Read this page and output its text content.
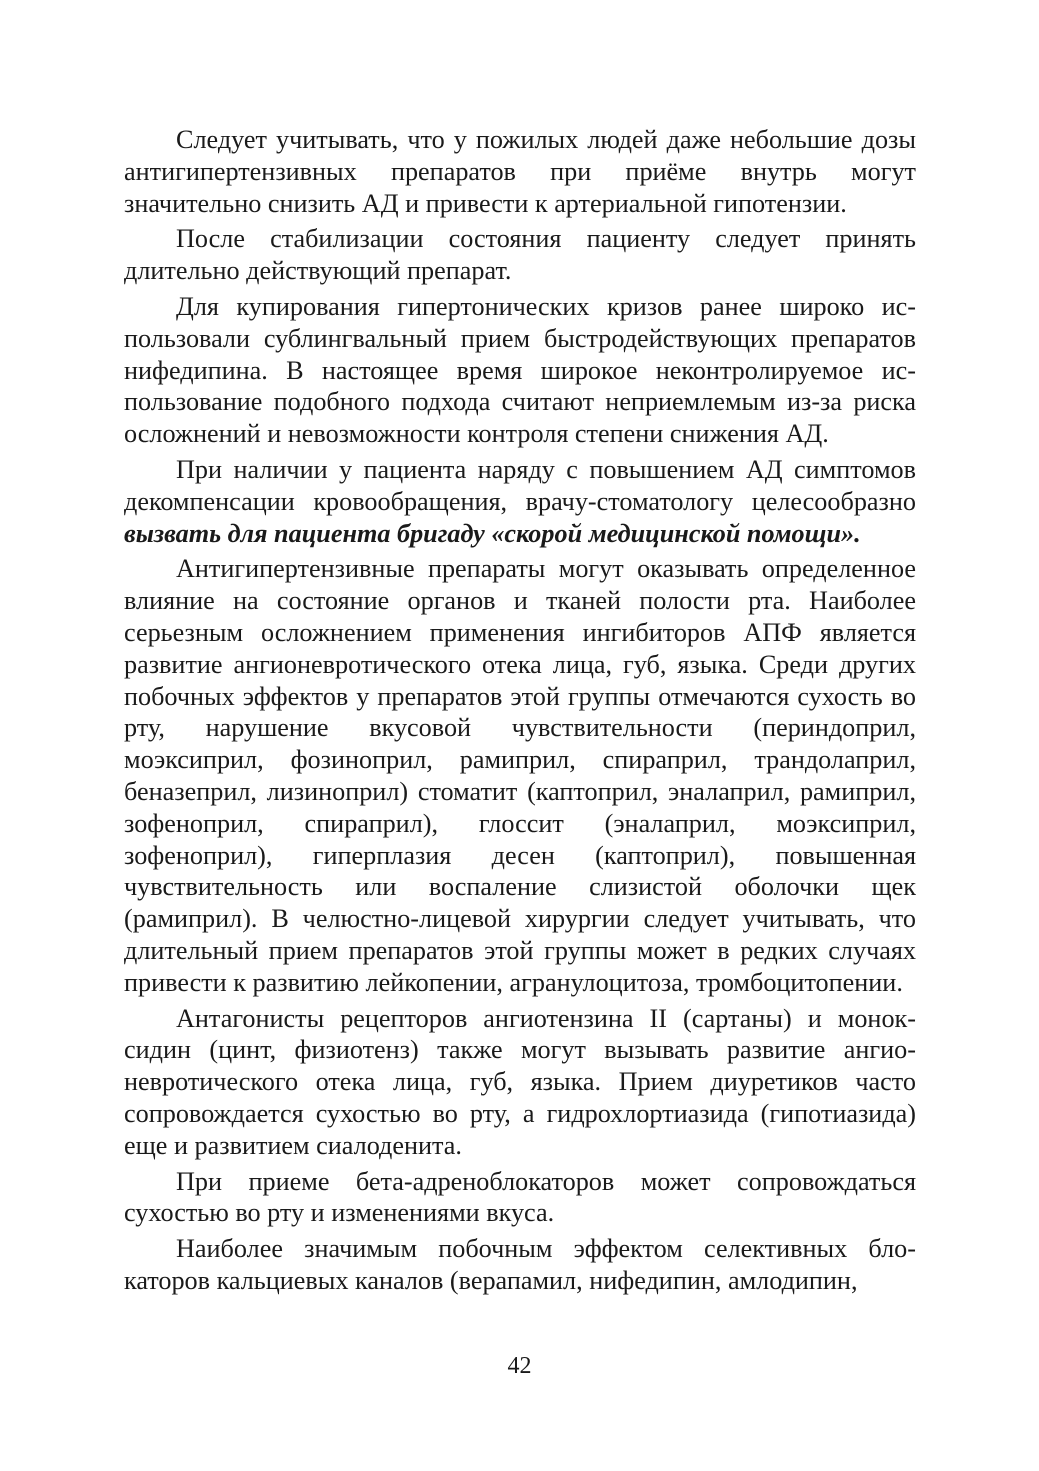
Следует учитывать, что у пожилых людей даже небольшие дозы антигипертензивных препаратов при приёме внутрь могут значительно снизить АД и привести к артериальной гипотензии.

После стабилизации состояния пациенту следует принять длительно действующий препарат.

Для купирования гипертонических кризов ранее широко использовали сублингвальный прием быстродействующих препаратов нифедипина. В настоящее время широкое неконтролируемое использование подобного подхода считают неприемлемым из-за риска осложнений и невозможности контроля степени снижения АД.

При наличии у пациента наряду с повышением АД симптомов декомпенсации кровообращения, врачу-стоматологу целесообразно вызвать для пациента бригаду «скорой медицинской помощи».

Антигипертензивные препараты могут оказывать определенное влияние на состояние органов и тканей полости рта. Наиболее серьезным осложнением применения ингибиторов АПФ является развитие ангионевротического отека лица, губ, языка. Среди других побочных эффектов у препаратов этой группы отмечаются сухость во рту, нарушение вкусовой чувствительности (периндоприл, моэксиприл, фозиноприл, рамиприл, спираприл, трандолаприл, беназеприл, лизиноприл) стоматит (каптоприл, эналаприл, рамиприл, зофеноприл, спираприл), глоссит (эналаприл, моэксиприл, зофеноприл), гиперплазия десен (каптоприл), повышенная чувствительность или воспаление слизистой оболочки щек (рамиприл). В челюстно-лицевой хирургии следует учитывать, что длительный прием препаратов этой группы может в редких случаях привести к развитию лейкопении, агранулоцитоза, тромбоцитопении.

Антагонисты рецепторов ангиотензина II (сартаны) и моноксидин (цинт, физиотенз) также могут вызывать развитие ангионевротического отека лица, губ, языка. Прием диуретиков часто сопровождается сухостью во рту, а гидрохлортиазида (гипотиазида) еще и развитием сиалоденита.

При приеме бета-адреноблокаторов может сопровождаться сухостью во рту и изменениями вкуса.

Наиболее значимым побочным эффектом селективных блокаторов кальциевых каналов (верапамил, нифедипин, амлодипин,

42
